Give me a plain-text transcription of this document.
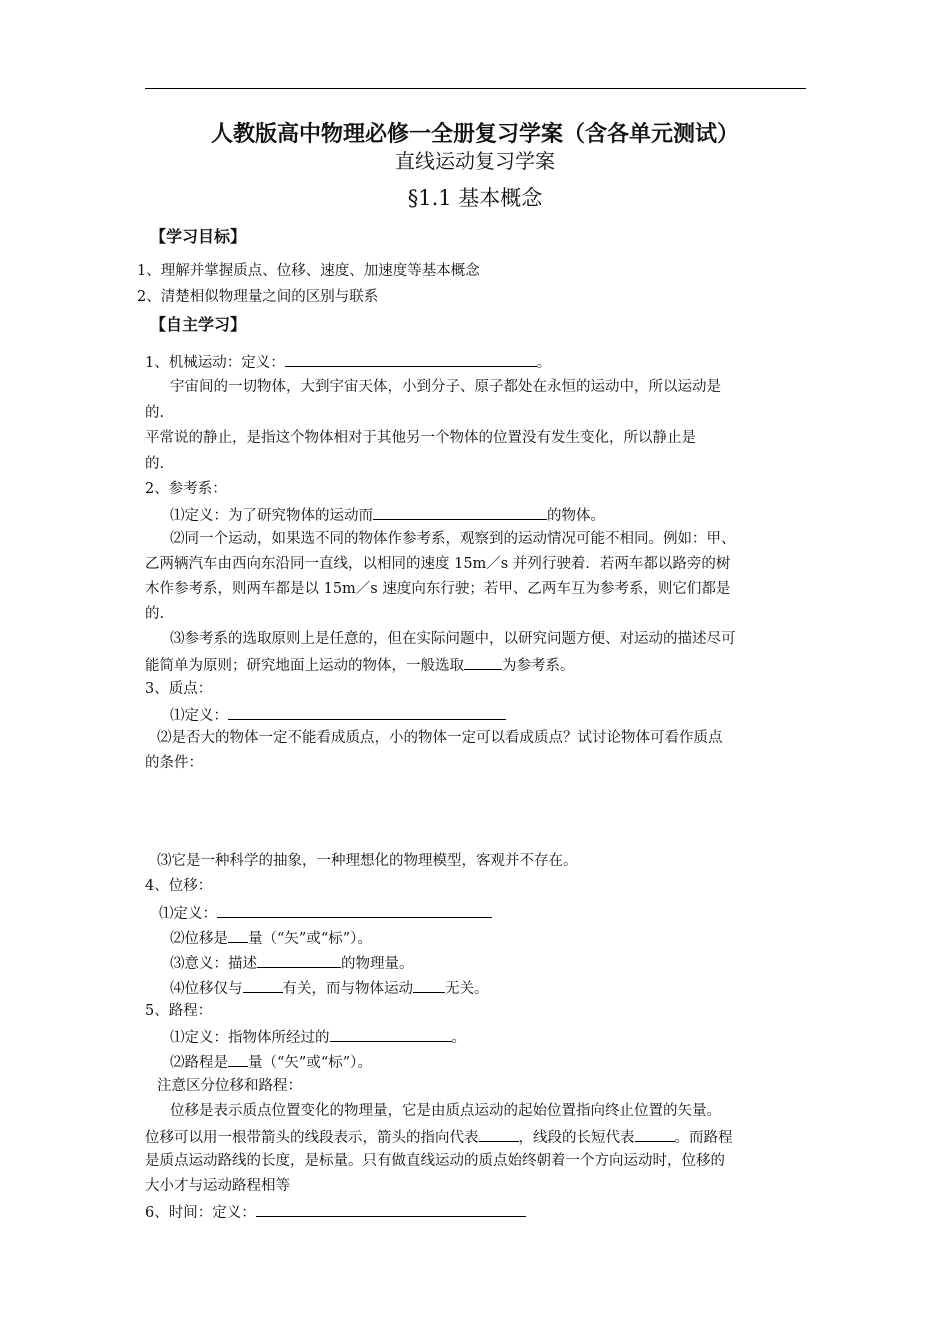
人教版高中物理必修一全册复习学案（含各单元测试）
直线运动复习学案
§1.1 基本概念
【学习目标】
1、理解并掌握质点、位移、速度、加速度等基本概念
2、清楚相似物理量之间的区别与联系
【自主学习】
1、机械运动：定义：	。
宇宙间的一切物体，大到宇宙天体，小到分子、原子都处在永恒的运动中，所以运动是
的.
平常说的静止，是指这个物体相对于其他另一个物体的位置没有发生变化，所以静止是
的.
2、参考系：
⑴定义：为了研究物体的运动而	的物体。
⑵同一个运动，如果选不同的物体作参考系，观察到的运动情况可能不相同。例如：甲、
乙两辆汽车由西向东沿同一直线，以相同的速度 15m／s 并列行驶着．若两车都以路旁的树
木作参考系，则两车都是以 15m／s 速度向东行驶；若甲、乙两车互为参考系，则它们都是
的.
⑶参考系的选取原则上是任意的，但在实际问题中，以研究问题方便、对运动的描述尽可
能简单为原则；研究地面上运动的物体，一般选取	为参考系。
3、质点：
⑴定义：
⑵是否大的物体一定不能看成质点，小的物体一定可以看成质点？试讨论物体可看作质点
的条件：
⑶它是一种科学的抽象，一种理想化的物理模型，客观并不存在。
4、位移：
⑴定义：
⑵位移是 量（“矢”或“标”）。
⑶意义：描述	的物理量。
⑷位移仅与	有关，而与物体运动 无关。
5、路程：
⑴定义：指物体所经过的	。
⑵路程是 量（“矢”或“标”）。
注意区分位移和路程：
位移是表示质点位置变化的物理量，它是由质点运动的起始位置指向终止位置的矢量。
位移可以用一根带箭头的线段表示，箭头的指向代表	，线段的长短代表	。而路程
是质点运动路线的长度，是标量。只有做直线运动的质点始终朝着一个方向运动时，位移的
大小才与运动路程相等
6、时间：定义：
